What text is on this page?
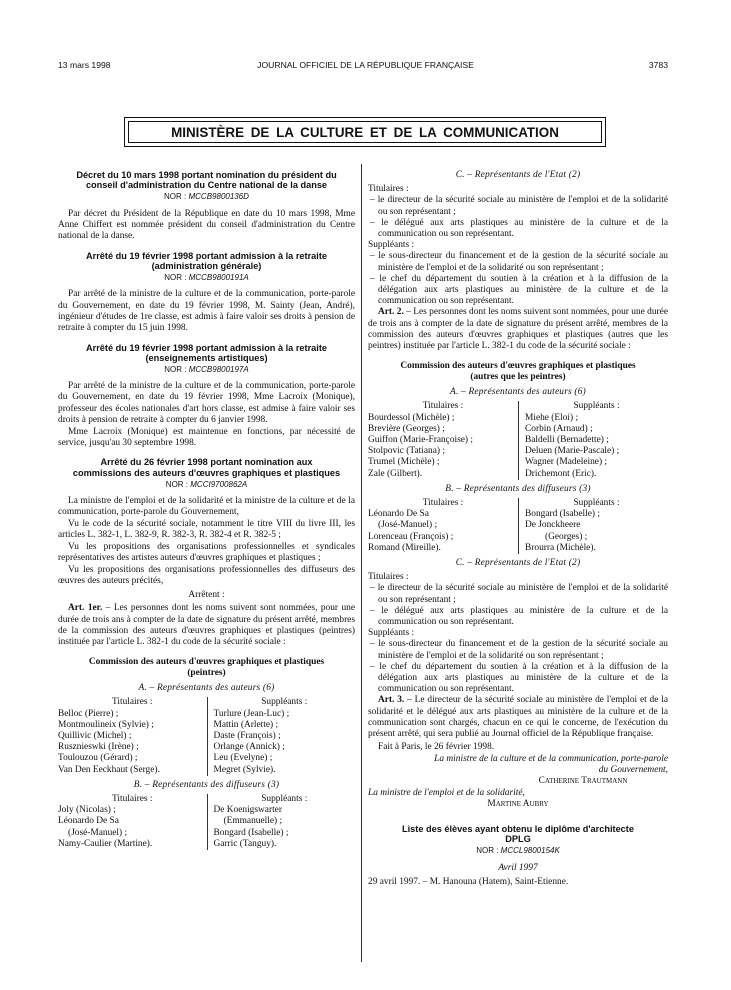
13 mars 1998	JOURNAL OFFICIEL DE LA RÉPUBLIQUE FRANÇAISE	3783
MINISTÈRE DE LA CULTURE ET DE LA COMMUNICATION
Décret du 10 mars 1998 portant nomination du président du conseil d'administration du Centre national de la danse
NOR : MCCB9800136D
Par décret du Président de la République en date du 10 mars 1998, Mme Anne Chiffert est nommée président du conseil d'administration du Centre national de la danse.
Arrêté du 19 février 1998 portant admission à la retraite (administration générale)
NOR : MCCB9800191A
Par arrêté de la ministre de la culture et de la communication, porte-parole du Gouvernement, en date du 19 février 1998, M. Sainty (Jean, André), ingénieur d'études de 1re classe, est admis à faire valoir ses droits à pension de retraite à compter du 15 juin 1998.
Arrêté du 19 février 1998 portant admission à la retraite (enseignements artistiques)
NOR : MCCB9800197A
Par arrêté de la ministre de la culture et de la communication, porte-parole du Gouvernement, en date du 19 février 1998, Mme Lacroix (Monique), professeur des écoles nationales d'art hors classe, est admise à faire valoir ses droits à pension de retraite à compter du 6 janvier 1998.
Mme Lacroix (Monique) est maintenue en fonctions, par nécessité de service, jusqu'au 30 septembre 1998.
Arrêté du 26 février 1998 portant nomination aux commissions des auteurs d'œuvres graphiques et plastiques
NOR : MCCI9700862A
La ministre de l'emploi et de la solidarité et la ministre de la culture et de la communication, porte-parole du Gouvernement,
Vu le code de la sécurité sociale, notamment le titre VIII du livre III, les articles L. 382-1, L. 382-9, R. 382-3, R. 382-4 et R. 382-5 ;
Vu les propositions des organisations professionnelles et syndicales représentatives des artistes auteurs d'œuvres graphiques et plastiques ;
Vu les propositions des organisations professionnelles des diffuseurs des œuvres des auteurs précités,
Arrêtent :
Art. 1er. – Les personnes dont les noms suivent sont nommées, pour une durée de trois ans à compter de la date de signature du présent arrêté, membres de la commission des auteurs d'œuvres graphiques et plastiques (peintres) instituée par l'article L. 382-1 du code de la sécurité sociale :
Commission des auteurs d'œuvres graphiques et plastiques (peintres)
A. – Représentants des auteurs (6)
Titulaires :
Belloc (Pierre) ;
Montmoulineix (Sylvie) ;
Quillivic (Michel) ;
Rusznieswki (Irène) ;
Toulouzou (Gérard) ;
Van Den Eeckhaut (Serge).
Suppléants :
Turlure (Jean-Luc) ;
Mattin (Arlette) ;
Daste (François) ;
Orlange (Annick) ;
Leu (Evelyne) ;
Megret (Sylvie).
B. – Représentants des diffuseurs (3)
Titulaires :
Joly (Nicolas) ;
Léonardo De Sa
(José-Manuel) ;
Namy-Caulier (Martine).
Suppléants :
De Koenigswarter
(Emmanuelle) ;
Bongard (Isabelle) ;
Garric (Tanguy).
C. – Représentants de l'Etat (2)
Titulaires :
– le directeur de la sécurité sociale au ministère de l'emploi et de la solidarité ou son représentant ;
– le délégué aux arts plastiques au ministère de la culture et de la communication ou son représentant.
Suppléants :
– le sous-directeur du financement et de la gestion de la sécurité sociale au ministère de l'emploi et de la solidarité ou son représentant ;
– le chef du département du soutien à la création et à la diffusion de la délégation aux arts plastiques au ministère de la culture et de la communication ou son représentant.
Art. 2. – Les personnes dont les noms suivent sont nommées, pour une durée de trois ans à compter de la date de signature du présent arrêté, membres de la commission des auteurs d'œuvres graphiques et plastiques (autres que les peintres) instituée par l'article L. 382-1 du code de la sécurité sociale :
Commission des auteurs d'œuvres graphiques et plastiques (autres que les peintres)
A. – Représentants des auteurs (6)
Titulaires :
Bourdessol (Michèle) ;
Brevière (Georges) ;
Guiffon (Marie-Françoise) ;
Stolpovic (Tatiana) ;
Trumel (Michèle) ;
Zale (Gilbert).
Suppléants :
Miehe (Eloi) ;
Corbin (Arnaud) ;
Baldelli (Bernadette) ;
Deluen (Marie-Pascale) ;
Wagner (Madeleine) ;
Drichemont (Eric).
B. – Représentants des diffuseurs (3)
Titulaires :
Léonardo De Sa
(José-Manuel) ;
Lorenceau (François) ;
Romand (Mireille).
Suppléants :
Bongard (Isabelle) ;
De Jonckheere
(Georges) ;
Brourra (Michèle).
C. – Représentants de l'Etat (2)
Titulaires :
– le directeur de la sécurité sociale au ministère de l'emploi et de la solidarité ou son représentant ;
– le délégué aux arts plastiques au ministère de la culture et de la communication ou son représentant.
Suppléants :
– le sous-directeur du financement et de la gestion de la sécurité sociale au ministère de l'emploi et de la solidarité ou son représentant ;
– le chef du département du soutien à la création et à la diffusion de la délégation aux arts plastiques au ministère de la culture et de la communication ou son représentant.
Art. 3. – Le directeur de la sécurité sociale au ministère de l'emploi et de la solidarité et le délégué aux arts plastiques au ministère de la culture et de la communication sont chargés, chacun en ce qui le concerne, de l'exécution du présent arrêté, qui sera publié au Journal officiel de la République française.
Fait à Paris, le 26 février 1998.
La ministre de la culture et de la communication, porte-parole du Gouvernement,
Catherine Trautmann
La ministre de l'emploi et de la solidarité,
Martine Aubry
Liste des élèves ayant obtenu le diplôme d'architecte DPLG
NOR : MCCL9800154K
Avril 1997
29 avril 1997. – M. Hanouna (Hatem), Saint-Etienne.
